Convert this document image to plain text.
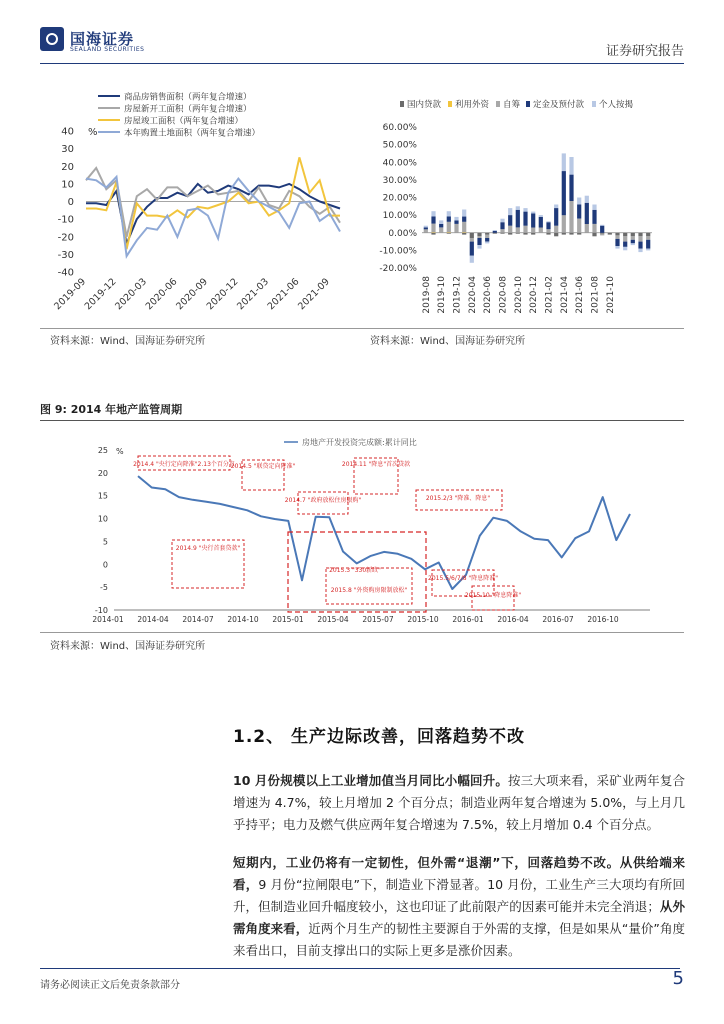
国海证券
SEALAND SECURITIES	证券研究报告
商品房销售面积（两年复合增速）
房屋新开工面积（两年复合增速）
房屋竣工面积（两年复合增速）
本年购置土地面积（两年复合增速）
%
-40
-30
-20
-10
0
10
20
30
40
2019-09
2019-12
2020-03
2020-06
2020-09
2020-12
2021-03
2021-06
2021-09
国内贷款 利用外资 自筹 定金及预付款 个人按揭
60.00%
50.00%
40.00%
30.00%
20.00%
10.00%
0.00%
-10.00%
-20.00%
2019-08 2019-10 2019-12 2020-04 2020-06 2020-08 2020-10 2020-12 2021-02 2021-04 2021-06 2021-08 2021-10
资料来源：Wind、国海证券研究所	资料来源：Wind、国海证券研究所
图 9: 2014 年地产监管周期
房地产开发投资完成额:累计同比
%
-10
-5
0
5
10
15
20
25
2014-01 2014-04 2014-07 2014-10 2015-01 2015-04 2015-07 2015-10 2016-01 2016-04 2016-07 2016-10
2014.4 "央行定向降准"2.13个百分点
2014.5 "联贷定向降准"
2014.7 "政府放松住房限购"
2014.9 "央行首套贷款"
2014.11 "降息"首次贷款
2015.2/3 "降准、降息"
2015.3 "330新政"
2015.5/6/7/8 "降息降准"
2015.8 "外资购房限制放松"
2015.10 "降息降准"
资料来源：Wind、国海证券研究所
1.2、 生产边际改善，回落趋势不改
10 月份规模以上工业增加值当月同比小幅回升。按三大项来看，采矿业两年复合增速为 4.7%，较上月增加 2 个百分点；制造业两年复合增速为 5.0%，与上月几乎持平；电力及燃气供应两年复合增速为 7.5%，较上月增加 0.4 个百分点。
短期内，工业仍将有一定韧性，但外需“退潮”下，回落趋势不改。从供给端来看，9 月份“拉闸限电”下，制造业下滑显著。10 月份，工业生产三大项均有所回升，但制造业回升幅度较小，这也印证了此前限产的因素可能并未完全消退；从外需角度来看，近两个月生产的韧性主要源自于外需的支撑，但是如果从“量价”角度来看出口，目前支撑出口的实际上更多是涨价因素。
请务必阅读正文后免责条款部分	5
